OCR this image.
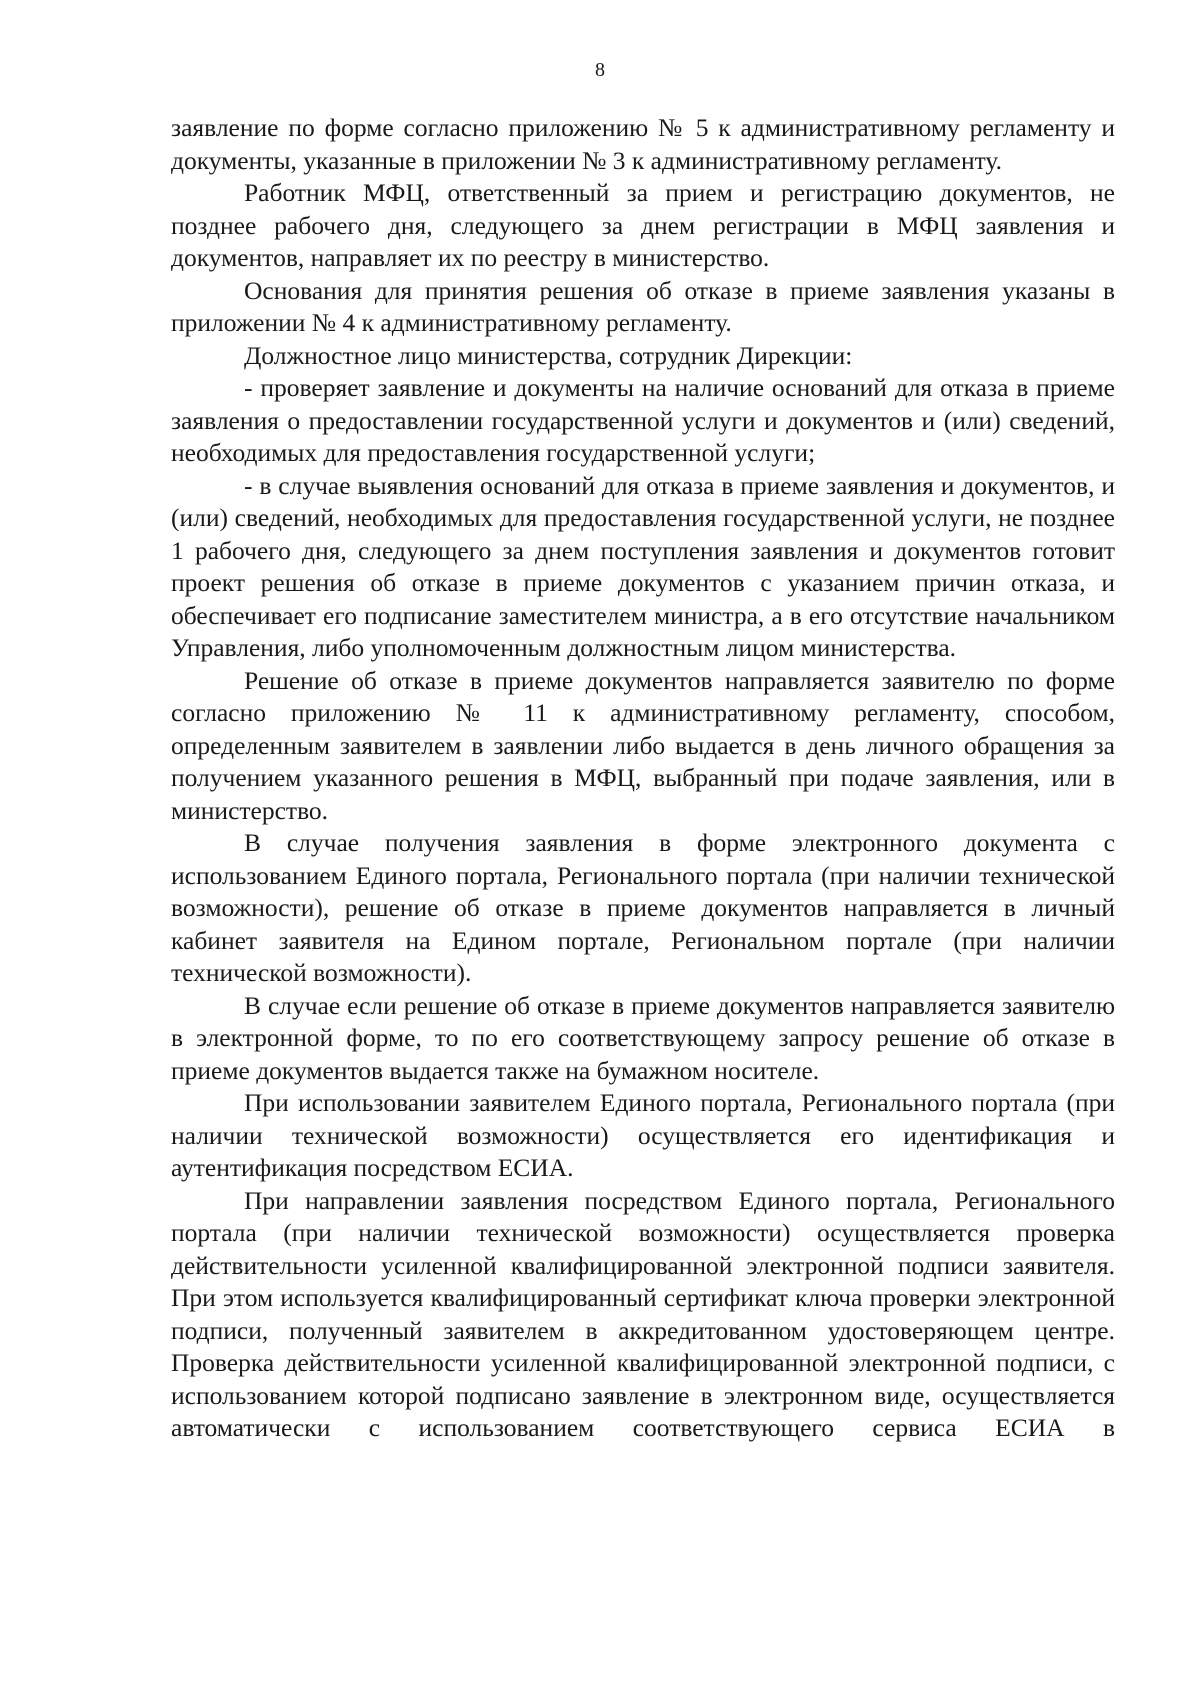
8

заявление по форме согласно приложению № 5 к административному регламенту и документы, указанные в приложении № 3 к административному регламенту.

Работник МФЦ, ответственный за прием и регистрацию документов, не позднее рабочего дня, следующего за днем регистрации в МФЦ заявления и документов, направляет их по реестру в министерство.

Основания для принятия решения об отказе в приеме заявления указаны в приложении № 4 к административному регламенту.

Должностное лицо министерства, сотрудник Дирекции:

- проверяет заявление и документы на наличие оснований для отказа в приеме заявления о предоставлении государственной услуги и документов и (или) сведений, необходимых для предоставления государственной услуги;

- в случае выявления оснований для отказа в приеме заявления и документов, и (или) сведений, необходимых для предоставления государственной услуги, не позднее 1 рабочего дня, следующего за днем поступления заявления и документов готовит проект решения об отказе в приеме документов с указанием причин отказа, и обеспечивает его подписание заместителем министра, а в его отсутствие начальником Управления, либо уполномоченным должностным лицом министерства.

Решение об отказе в приеме документов направляется заявителю по форме согласно приложению № 11 к административному регламенту, способом, определенным заявителем в заявлении либо выдается в день личного обращения за получением указанного решения в МФЦ, выбранный при подаче заявления, или в министерство.

В случае получения заявления в форме электронного документа с использованием Единого портала, Регионального портала (при наличии технической возможности), решение об отказе в приеме документов направляется в личный кабинет заявителя на Едином портале, Региональном портале (при наличии технической возможности).

В случае если решение об отказе в приеме документов направляется заявителю в электронной форме, то по его соответствующему запросу решение об отказе в приеме документов выдается также на бумажном носителе.

При использовании заявителем Единого портала, Регионального портала (при наличии технической возможности) осуществляется его идентификация и аутентификация посредством ЕСИА.

При направлении заявления посредством Единого портала, Регионального портала (при наличии технической возможности) осуществляется проверка действительности усиленной квалифицированной электронной подписи заявителя. При этом используется квалифицированный сертификат ключа проверки электронной подписи, полученный заявителем в аккредитованном удостоверяющем центре. Проверка действительности усиленной квалифицированной электронной подписи, с использованием которой подписано заявление в электронном виде, осуществляется автоматически с использованием соответствующего сервиса ЕСИА в
